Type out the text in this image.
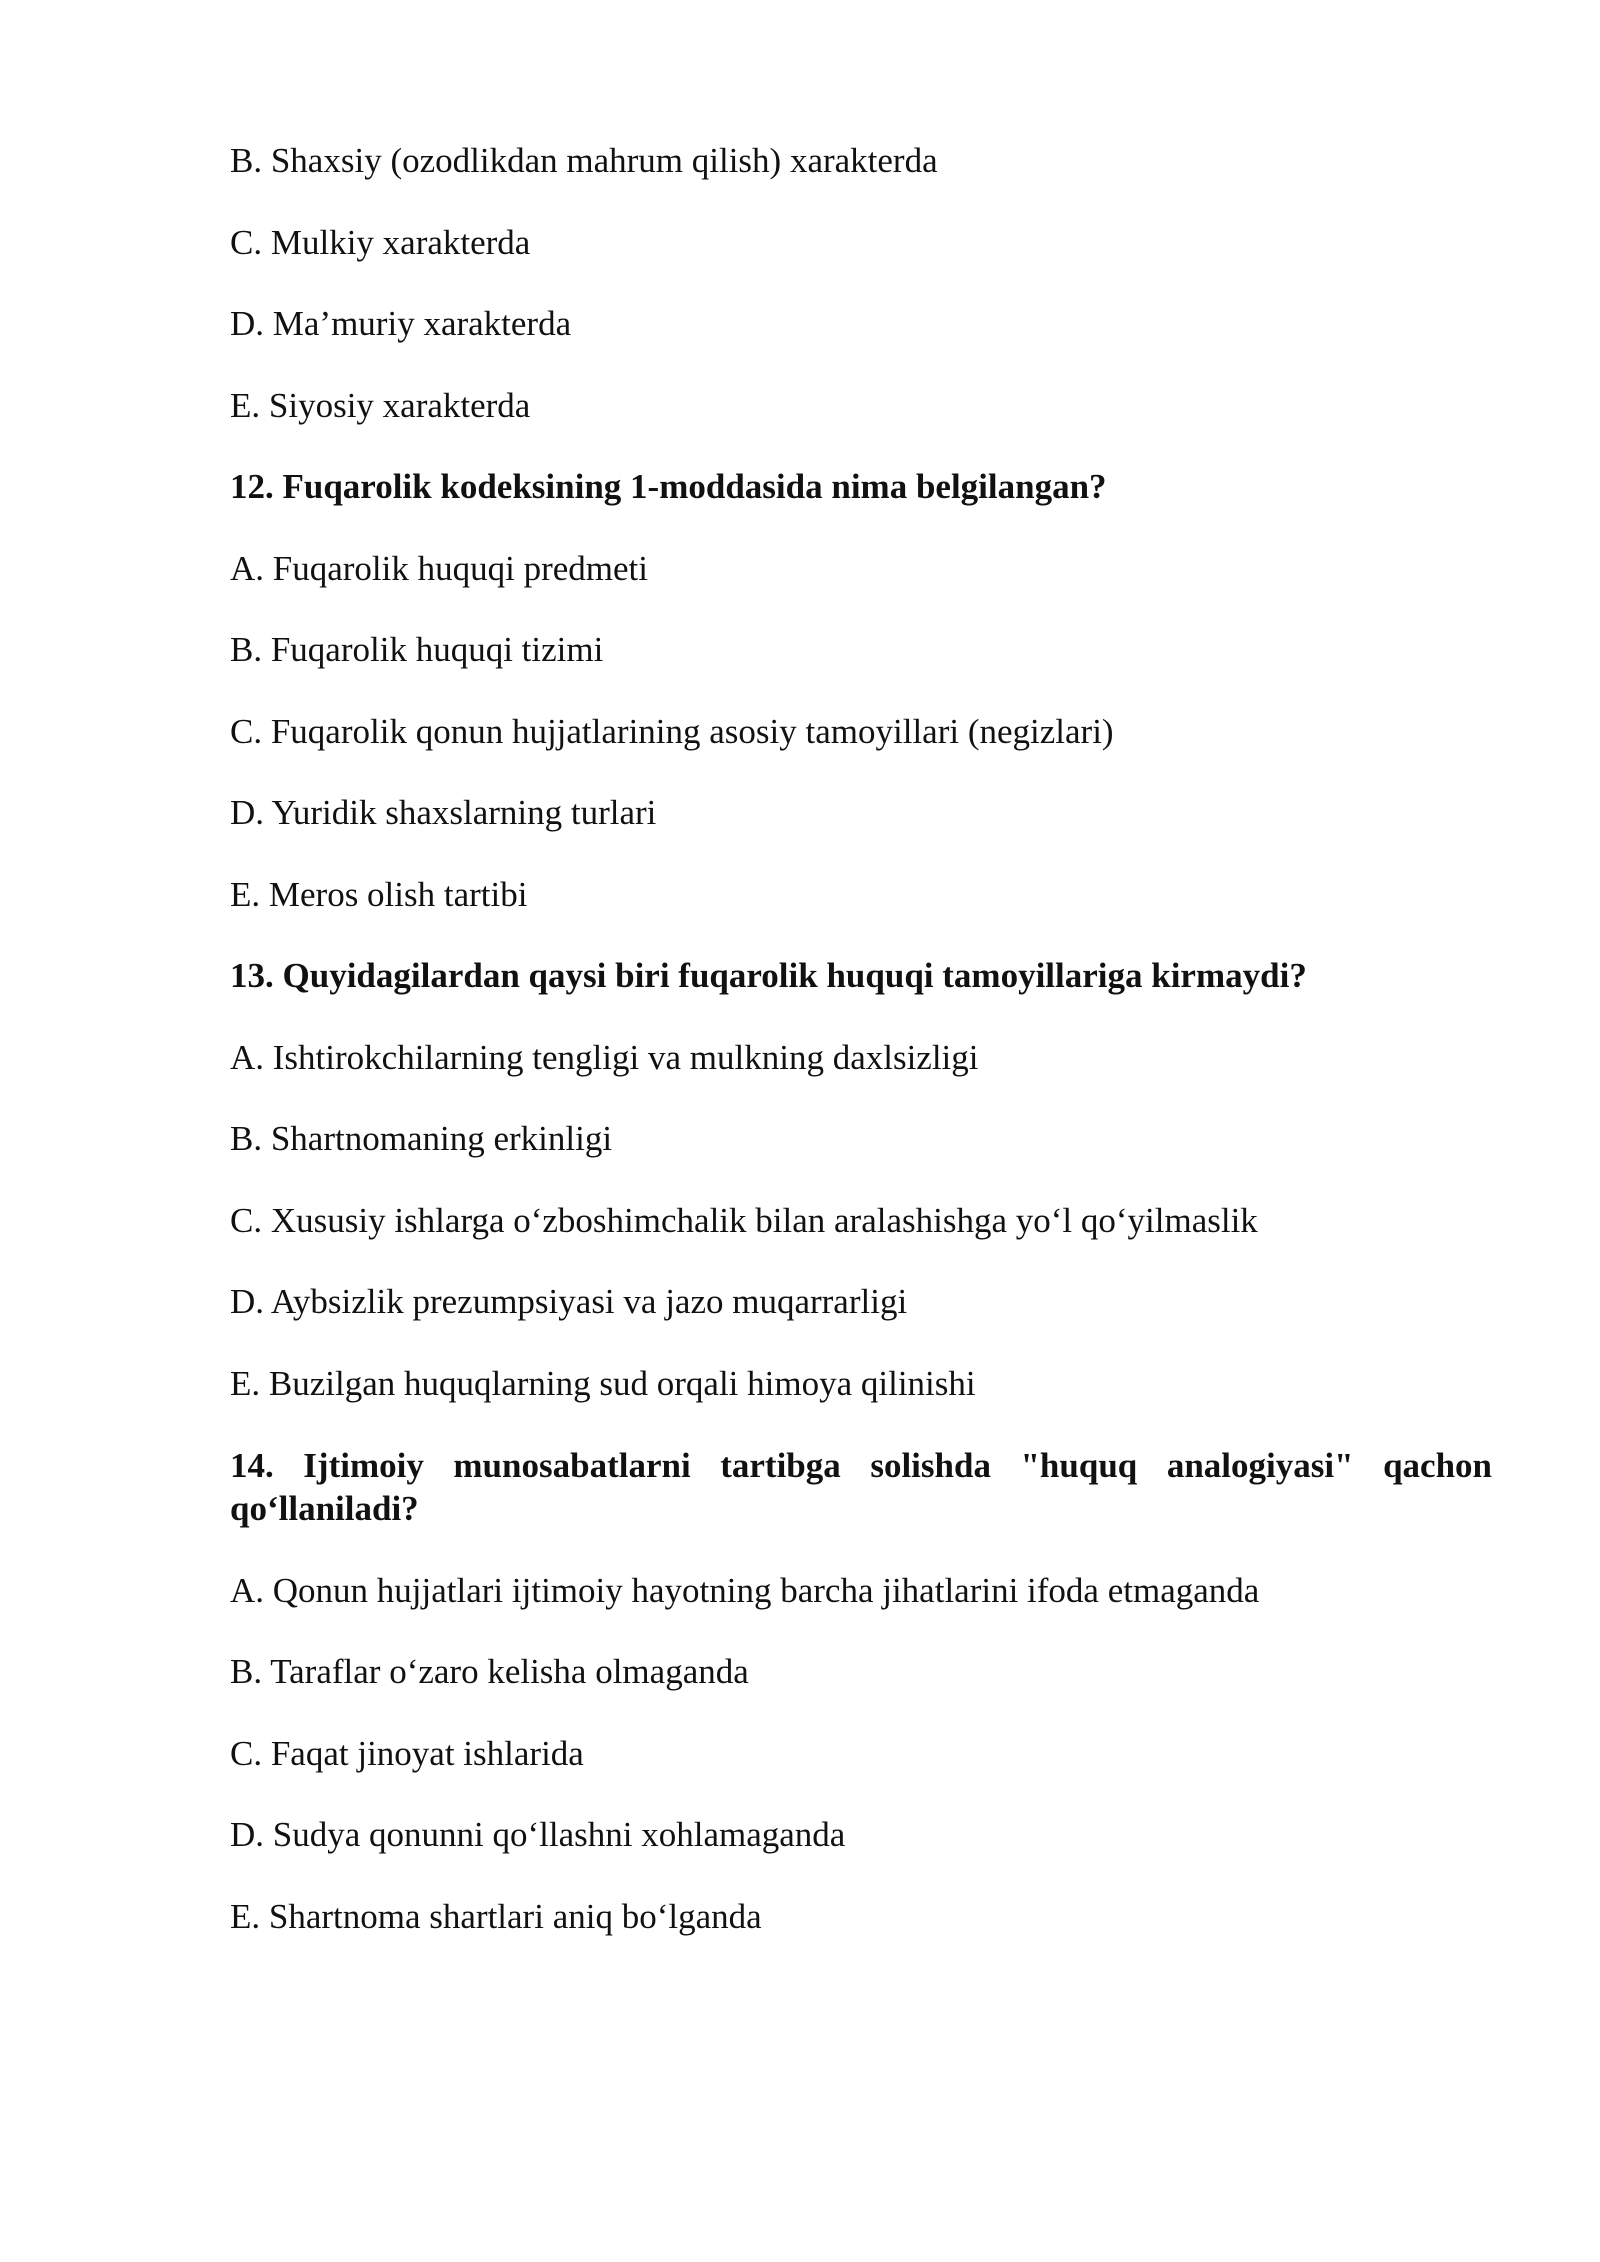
B. Shaxsiy (ozodlikdan mahrum qilish) xarakterda

C. Mulkiy xarakterda

D. Ma’muriy xarakterda

E. Siyosiy xarakterda

12. Fuqarolik kodeksining 1-moddasida nima belgilangan?

A. Fuqarolik huquqi predmeti

B. Fuqarolik huquqi tizimi

C. Fuqarolik qonun hujjatlarining asosiy tamoyillari (negizlari)

D. Yuridik shaxslarning turlari

E. Meros olish tartibi

13. Quyidagilardan qaysi biri fuqarolik huquqi tamoyillariga kirmaydi?

A. Ishtirokchilarning tengligi va mulkning daxlsizligi

B. Shartnomaning erkinligi

C. Xususiy ishlarga o‘zboshimchalik bilan aralashishga yo‘l qo‘yilmaslik

D. Aybsizlik prezumpsiyasi va jazo muqarrarligi

E. Buzilgan huquqlarning sud orqali himoya qilinishi

14. Ijtimoiy munosabatlarni tartibga solishda "huquq analogiyasi" qachon qo‘llaniladi?

A. Qonun hujjatlari ijtimoiy hayotning barcha jihatlarini ifoda etmaganda

B. Taraflar o‘zaro kelisha olmaganda

C. Faqat jinoyat ishlarida

D. Sudya qonunni qo‘llashni xohlamaganda

E. Shartnoma shartlari aniq bo‘lganda
